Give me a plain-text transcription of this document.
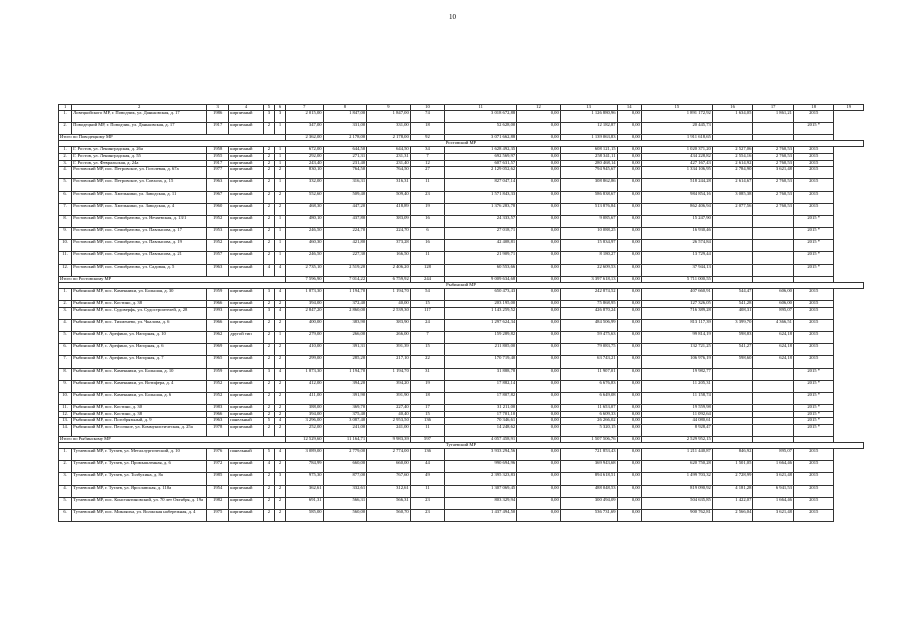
10
1	2	3	4	5	6	7	8	9	10	11	12	13	14	15	16	17	18	19
1.	Ловецкойского МР, г. Поводчик, ул. Даньковская, д. 17	1986	кирпичный	3	3	2 015,00	1 847,00	1 847,00	74	3 018 672,88	0,00	1 126 880,96	0,00	1 891 172,92	1 634,05	1 861,21	2015	
2.	Поводецкий МР, г. Поводчик, ул. Даньковская, д. 17	1917	кирпичный	2	1	347,00	331,00	331,00	18	52 628,00	0,00	12 182,87	0,00	20 445,73			2015 *	
Итого по Поводецкому МР						2 362,00	2 178,00	2 178,00	92	3 071 662,88	0,00	1 139 063,83	0,00	1 911 618,65				
Ростовский МР																		
1.	Г. Ростов, ул. Ленинградская, д. 26а	1958	кирпичный	2	1	672,00	644,50	644,50	34	1 628 492,35	0,00	608 121,15	0,00	1 020 371,20	2 527,06	2 760,53	2015	
2.	Г. Ростов, ул. Ленинградская, д. 55	1955	кирпичный	2	1	292,00	271,31	231,31	7	692 569,97	0,00	258 341,11	0,00	434 228,82	2 554,16	2 760,53	2015	
3.	Г. Ростов, ул. Февральская, д. 24а	1917	кирпичный	2	1	243,40	231,40	231,40	12	607 631,57	0,00	280 468,14	0,00	427 167,43	2 614,92	2 760,53	2015	
4.	Ростовский МР, пос. Петровское, ул. Гоголевая, д. 67а	1977	кирпичный	2	2	830,10	764,50	764,50	27	2 129 052,62	0,00	794 945,67	0,00	1 334 106,95	2 784,90	3 621,48	2015	
5.	Ростовский МР, пос. Петровское, ул. Совхоза, д. 15	1963	кирпичный	2	1	332,00	316,31	316,31	11	827 047,14	0,00	308 862,86	0,00	518 244,28	2 614,67	2 760,53	2015	
6.	Ростовский МР, пос. Хмельники, ул. Заводская, д. 11	1967	кирпичный	2	2	552,60	509,40	509,40	23	1 571 843,33	0,00	586 838,67	0,00	984 854,16	3 085,38	2 760,53	2015	
7.	Ростовский МР, пос. Хмельники, ул. Заводская, д. 4	1960	кирпичный	2	2	468,30	447,20	418,89	19	1 376 283,78	0,00	513 876,84	0,00	862 406,94	2 077,56	2 760,53	2015	
8.	Ростовский МР, пос. Семибратово, ул. Нечаевская, д. 13/1	1952	кирпичный	2	1	480,10	437,80	383,09	16	24 333,57	0,00	9 085,67	0,00	15 247,90			2015 *	
9.	Ростовский МР, пос. Семибратово, ул. Павлысова, д. 17	1953	кирпичный	2	1	246,50	224,70	224,70	6	27 018,71	0,00	10 088,25	0,00	16 930,46			2015 *	
10.	Ростовский МР, пос. Семибратово, ул. Павлысова, д. 19	1952	кирпичный	2	1	460,30	421,80	373,28	16	42 408,81	0,00	15 834,97	0,00	26 574,84			2015 *	
11.	Ростовский МР, пос. Семибратово, ул. Павлысова, д. 21	1957	кирпичный	2	1	246,50	227,30	166,50	11	21 909,71	0,00	8 180,27	0,00	13 729,44			2015 *	
12.	Ростовский МР, пос. Семибратово, ул. Садовая, д. 5	1963	кирпичный	4	4	2 735,10	2 519,20	2 406,20	128	60 553,66	0,00	22 609,53	0,00	37 944,13			2015 *	
Итого по Ростовскому МР						7 596,90	7 014,22	6 759,92	244	9 009 634,68	0,00	3 397 618,13	0,00	5 711 000,55				
Рыбинский МР																		
1.	Рыбинский МР, пос. Каменники, ул. Большая, д. 30	1959	кирпичный	3	4	1 873,30	1 194,70	1 194,70	54	650 473,43	0,00	242 874,52	0,00	407 660,91	544,47	606,00	2015	
2.	Рыбинский МР, пос. Костино, д. 38	1966	кирпичный	2	2	394,00	372,40	40,00	15	203 195,00	0,00	75 868,95	0,00	127 326,05	541,28	606,00	2015	
3.	Рыбинский МР, пос. Судоверфь, ул. Судостроителей, д. 28	1993	кирпичный	3	4	2 847,20	2 860,00	2 539,30	117	1 143 259,52	0,00	426 870,24	0,00	716 389,28	408,31	895,07	2015	
4.	Рыбинский МР, пос. Тихменево, ул. Чкалова, д. 6	1966	кирпичный	2	2	400,00	383,90	383,90	24	1 297 624,34	0,00	484 506,99	0,00	813 117,39	3 399,70	4 366,51	2015	
5.	Рыбинский МР, с. Арефино, ул. Нагорная, д. 10	1962	другой тип	2	1	279,00	266,00	266,00	7	159 289,82	0,00	59 475,63	0,00	99 814,19	598,83	624,18	2015	
6.	Рыбинский МР, с. Арефино, ул. Нагорная, д. 6	1969	кирпичный	2	2	410,00	391,31	391,39	15	211 805,00	0,00	79 083,75	0,00	132 721,25	541,27	624,18	2015	
7.	Рыбинский МР, с. Арефино, ул. Нагорная, д. 7	1965	кирпичный	2	2	299,00	285,20	217,10	22	170 719,40	0,00	63 743,21	0,00	106 976,19	598,60	624,18	2015	
8.	Рыбинский МР, пос. Каменники, ул. Большая, д. 10	1959	кирпичный	3	4	1 873,30	1 194,70	1 194,70	31	31 888,78	0,00	11 907,01	0,00	19 982,77			2015 *	
9.	Рыбинский МР, пос. Каменники, ул. Вотифера, д. 4	1952	кирпичный	2	2	412,00	394,20	394,20	19	17 882,14	0,00	6 676,83	0,00	11 205,31			2015 *	
10.	Рыбинский МР, пос. Каменники, ул. Большая, д. 6	1952	кирпичный	2	2	411,00	391,90	391,90	18	17 807,82	0,00	6 649,08	0,00	11 158,74			2015 *	
11.	Рыбинский МР, пос. Костино, д. 30	1983	кирпичный	2	2	388,00	369,70	227,40	17	31 211,00	0,00	11 653,07	0,00	19 559,98			2015 *	
12.	Рыбинский МР, пос. Костино, д. 38	1966	кирпичный	2	2	394,00	375,40	40,40	15	17 701,10	0,00	6 609,33	0,00	11 092,64			2015 *	
13.	Рыбинский МР, пос. Погобрязьный, д. 9	1963	панельный	5	4	3 296,00	3 087,40	2 953,50	136	70 346,61	0,00	26 266,02	0,00	44 080,61			2015 *	
14.	Рыбинский МР, пос. Песочное, ул. Коммунистическая, д. 25а	1978	кирпичный	2	2	252,00	241,00	241,00	11	14 248,62	0,00	5 320,15	0,00	8 928,47			2015 *	
Итого по Рыбинскому МР						12 529,60	11 164,71	9 983,39	597	4 057 458,91	0,00	1 507 506,76	0,00	2 529 952,15				
Тутаевский МР																		
1.	Тутаевский МР, г. Тутаев, ул. Металлургический, д. 10	1976	панельный	5	4	3 089,00	2 779,00	2 774,00	136	3 933 294,56	0,00	721 853,43	0,00	1 211 440,87	846,92	895,07	2015	
2.	Тутаевский МР, г. Тутаев, ул. Промышленная, д. 6	1972	кирпичный	4	2	784,99	660,00	660,00	44	990 694,96	0,00	369 943,68	0,00	620 750,28	1 501,05	1 664,46	2015	
3.	Тутаевский МР, г. Тутаев, ул. Толбухина, д. 8а	1985	кирпичный	2	3	975,30	877,00	767,60	49	2 395 323,83	0,00	894 618,51	0,00	1 499 703,32	2 728,99	3 621,48	2015	
4.	Тутаевский МР, г. Тутаев, ул. Ярославская, д. 110а	1954	кирпичный	2	2	362,61	332,61	312,61	11	1 307 069,45	0,00	488 048,53	0,00	819 090,92	4 181,28	6 941,53	2015	
5.	Тутаевский МР, пос. Константиновский, ул. 70 лет Октября, д. 19а	1982	кирпичный	2	2	691,31	566,31	566,31	23	803 329,94	0,00	300 494,09	0,00	504 635,85	1 422,07	1 664,46	2015	
6.	Тутаевский МР, пос. Микляиха, ул. Волжская набережная, д. 4	1975	кирпичный	2	2	585,00	560,00	560,70	23	1 437 494,50	0,00	536 731,69	0,00	900 762,81	2 566,04	3 621,48	2015	
